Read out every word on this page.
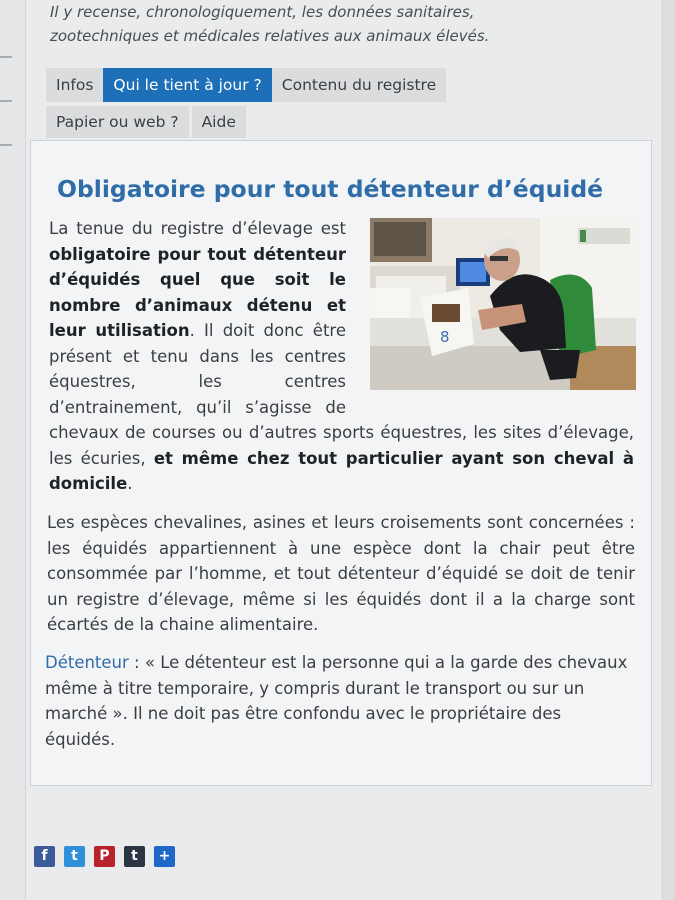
Il y recense, chronologiquement, les données sanitaires,
zootechniques et médicales relatives aux animaux élevés.
Infos	Qui le tient à jour ?	Contenu du registre
Papier ou web ?	Aide
Obligatoire pour tout détenteur d’équidé
8
La tenue du registre d’élevage est obligatoire pour tout détenteur d’équidés quel que soit le nombre d’animaux détenu et leur utilisation. Il doit donc être présent et tenu dans les centres équestres, les centres d’entrainement, qu’il s’agisse de chevaux de courses ou d’autres sports équestres, les sites d’élevage, les écuries, et même chez tout particulier ayant son cheval à domicile.

Les espèces chevalines, asines et leurs croisements sont concernées : les équidés appartiennent à une espèce dont la chair peut être consommée par l’homme, et tout détenteur d’équidé se doit de tenir un registre d’élevage, même si les équidés dont il a la charge sont écartés de la chaine alimentaire.

Détenteur : « Le détenteur est la personne qui a la garde des chevaux même à titre temporaire, y compris durant le transport ou sur un marché ». Il ne doit pas être confondu avec le propriétaire des équidés.

f	t	P	t	+
